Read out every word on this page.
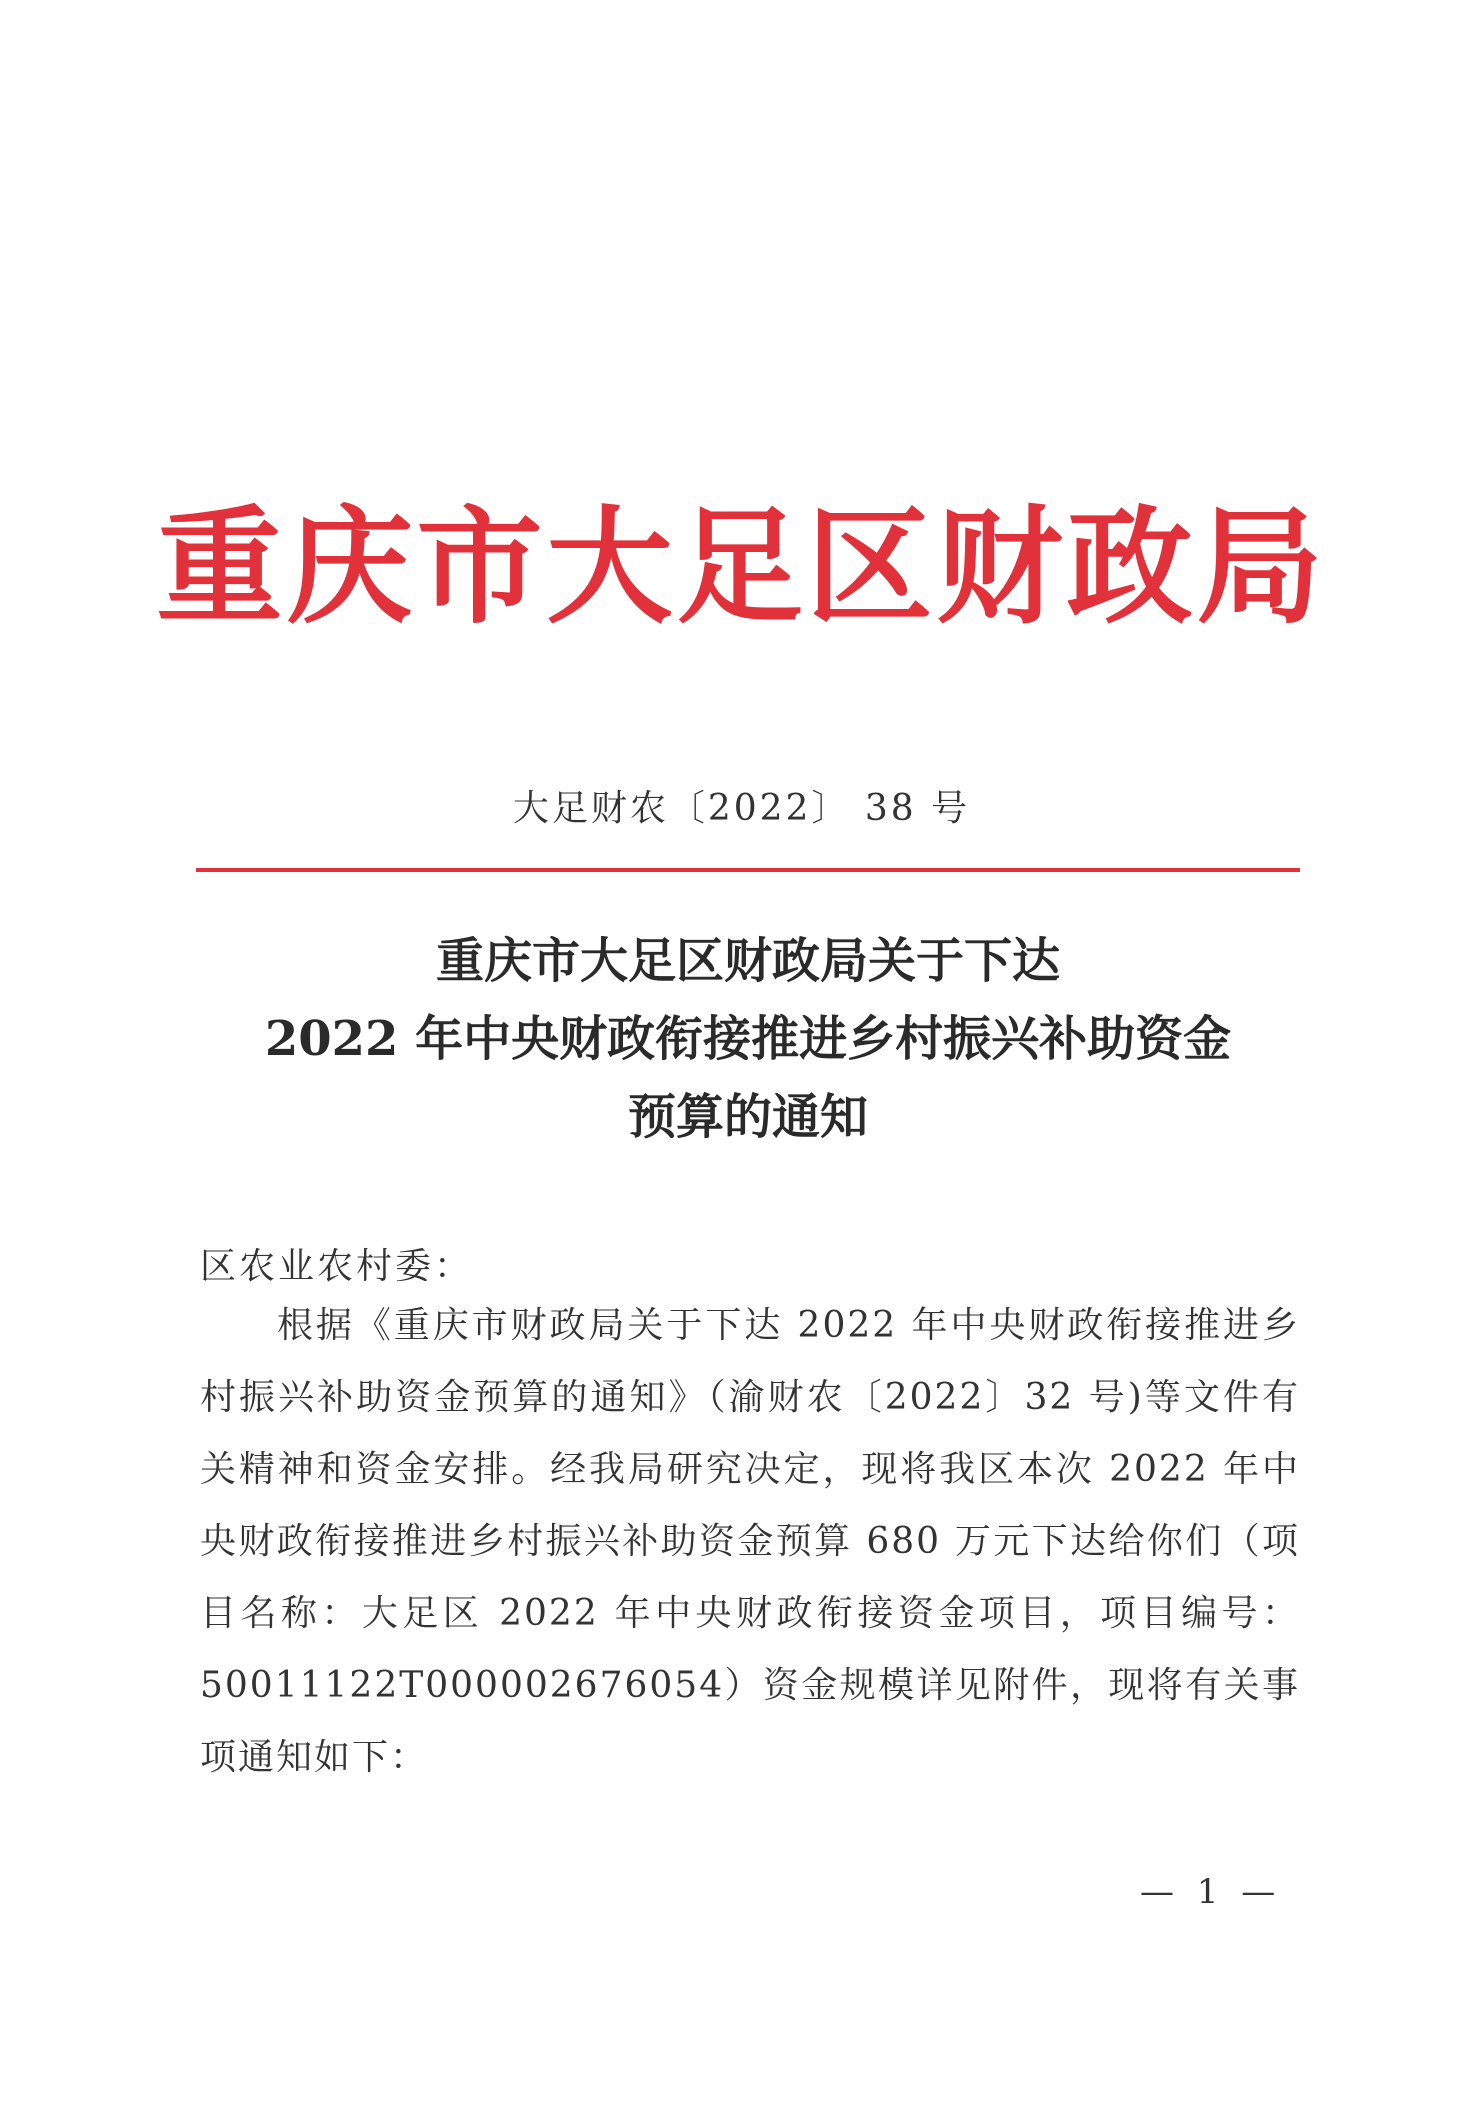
重庆市大足区财政局
大足财农〔2022〕 38 号
重庆市大足区财政局关于下达
2022 年中央财政衔接推进乡村振兴补助资金
预算的通知
区农业农村委：
根据《重庆市财政局关于下达 2022 年中央财政衔接推进乡村振兴补助资金预算的通知》（渝财农〔2022〕32 号)等文件有关精神和资金安排。经我局研究决定，现将我区本次 2022 年中央财政衔接推进乡村振兴补助资金预算 680 万元下达给你们（项目名称：大足区 2022 年中央财政衔接资金项目，项目编号：50011122T000002676054）资金规模详见附件，现将有关事项通知如下：
— 1 —
